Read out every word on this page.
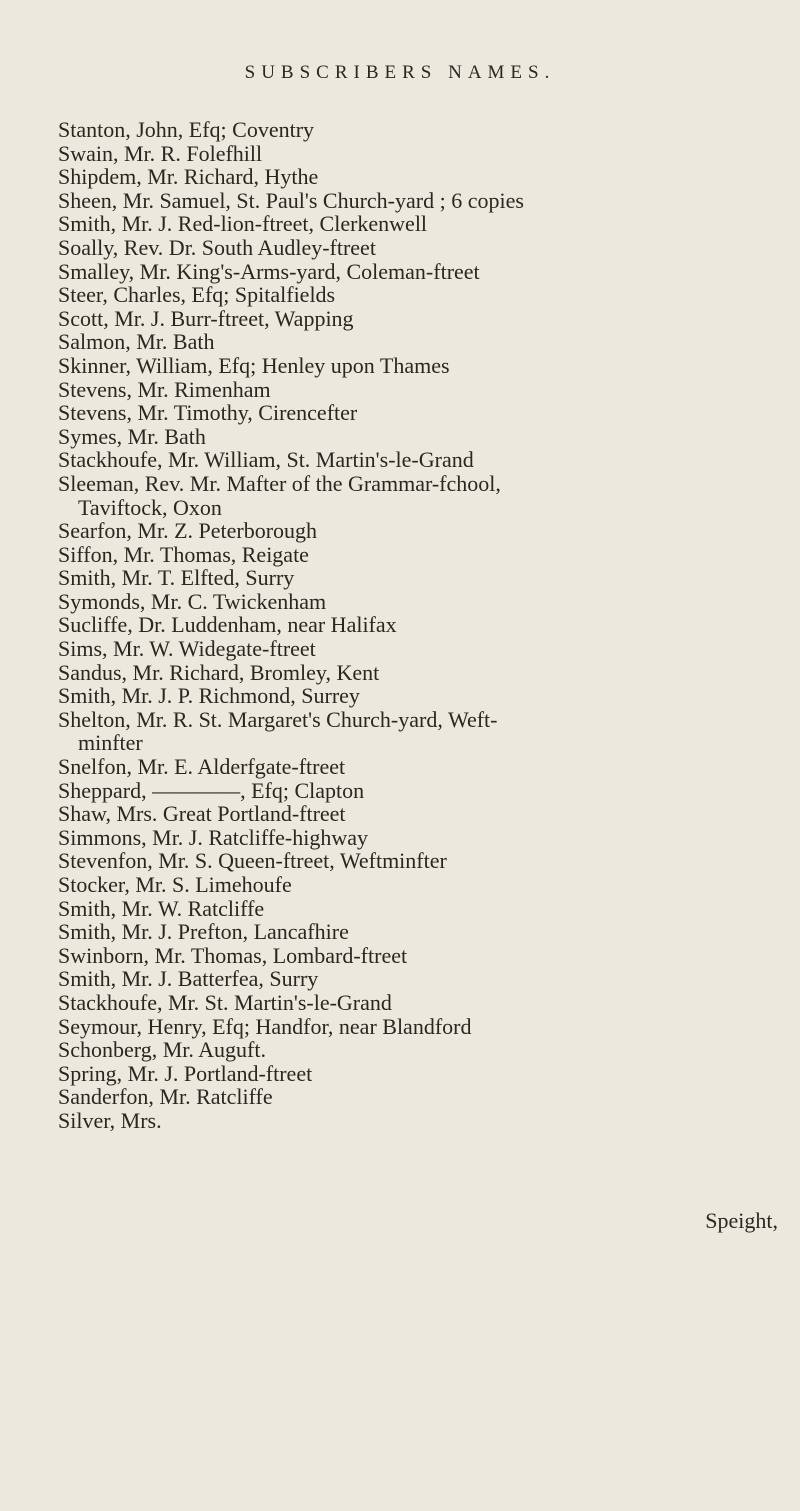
SUBSCRIBERS NAMES.
Stanton, John, Efq; Coventry
Swain, Mr. R. Folefhill
Shipdem, Mr. Richard, Hythe
Sheen, Mr. Samuel, St. Paul's Church-yard ; 6 copies
Smith, Mr. J. Red-lion-ftreet, Clerkenwell
Soally, Rev. Dr. South Audley-ftreet
Smalley, Mr. King's-Arms-yard, Coleman-ftreet
Steer, Charles, Efq; Spitalfields
Scott, Mr. J. Burr-ftreet, Wapping
Salmon, Mr. Bath
Skinner, William, Efq; Henley upon Thames
Stevens, Mr. Rimenham
Stevens, Mr. Timothy, Cirencefter
Symes, Mr. Bath
Stackhoufe, Mr. William, St. Martin's-le-Grand
Sleeman, Rev. Mr. Mafter of the Grammar-fchool,
Taviftock, Oxon
Searfon, Mr. Z. Peterborough
Siffon, Mr. Thomas, Reigate
Smith, Mr. T. Elfted, Surry
Symonds, Mr. C. Twickenham
Sucliffe, Dr. Luddenham, near Halifax
Sims, Mr. W. Widegate-ftreet
Sandus, Mr. Richard, Bromley, Kent
Smith, Mr. J. P. Richmond, Surrey
Shelton, Mr. R. St. Margaret's Church-yard, Weft-
minfter
Snelfon, Mr. E. Alderfgate-ftreet
Sheppard, ————, Efq; Clapton
Shaw, Mrs. Great Portland-ftreet
Simmons, Mr. J. Ratcliffe-highway
Stevenfon, Mr. S. Queen-ftreet, Weftminfter
Stocker, Mr. S. Limehoufe
Smith, Mr. W. Ratcliffe
Smith, Mr. J. Prefton, Lancafhire
Swinborn, Mr. Thomas, Lombard-ftreet
Smith, Mr. J. Batterfea, Surry
Stackhoufe, Mr. St. Martin's-le-Grand
Seymour, Henry, Efq; Handfor, near Blandford
Schonberg, Mr. Auguft.
Spring, Mr. J. Portland-ftreet
Sanderfon, Mr. Ratcliffe
Silver, Mrs.
Speight,
